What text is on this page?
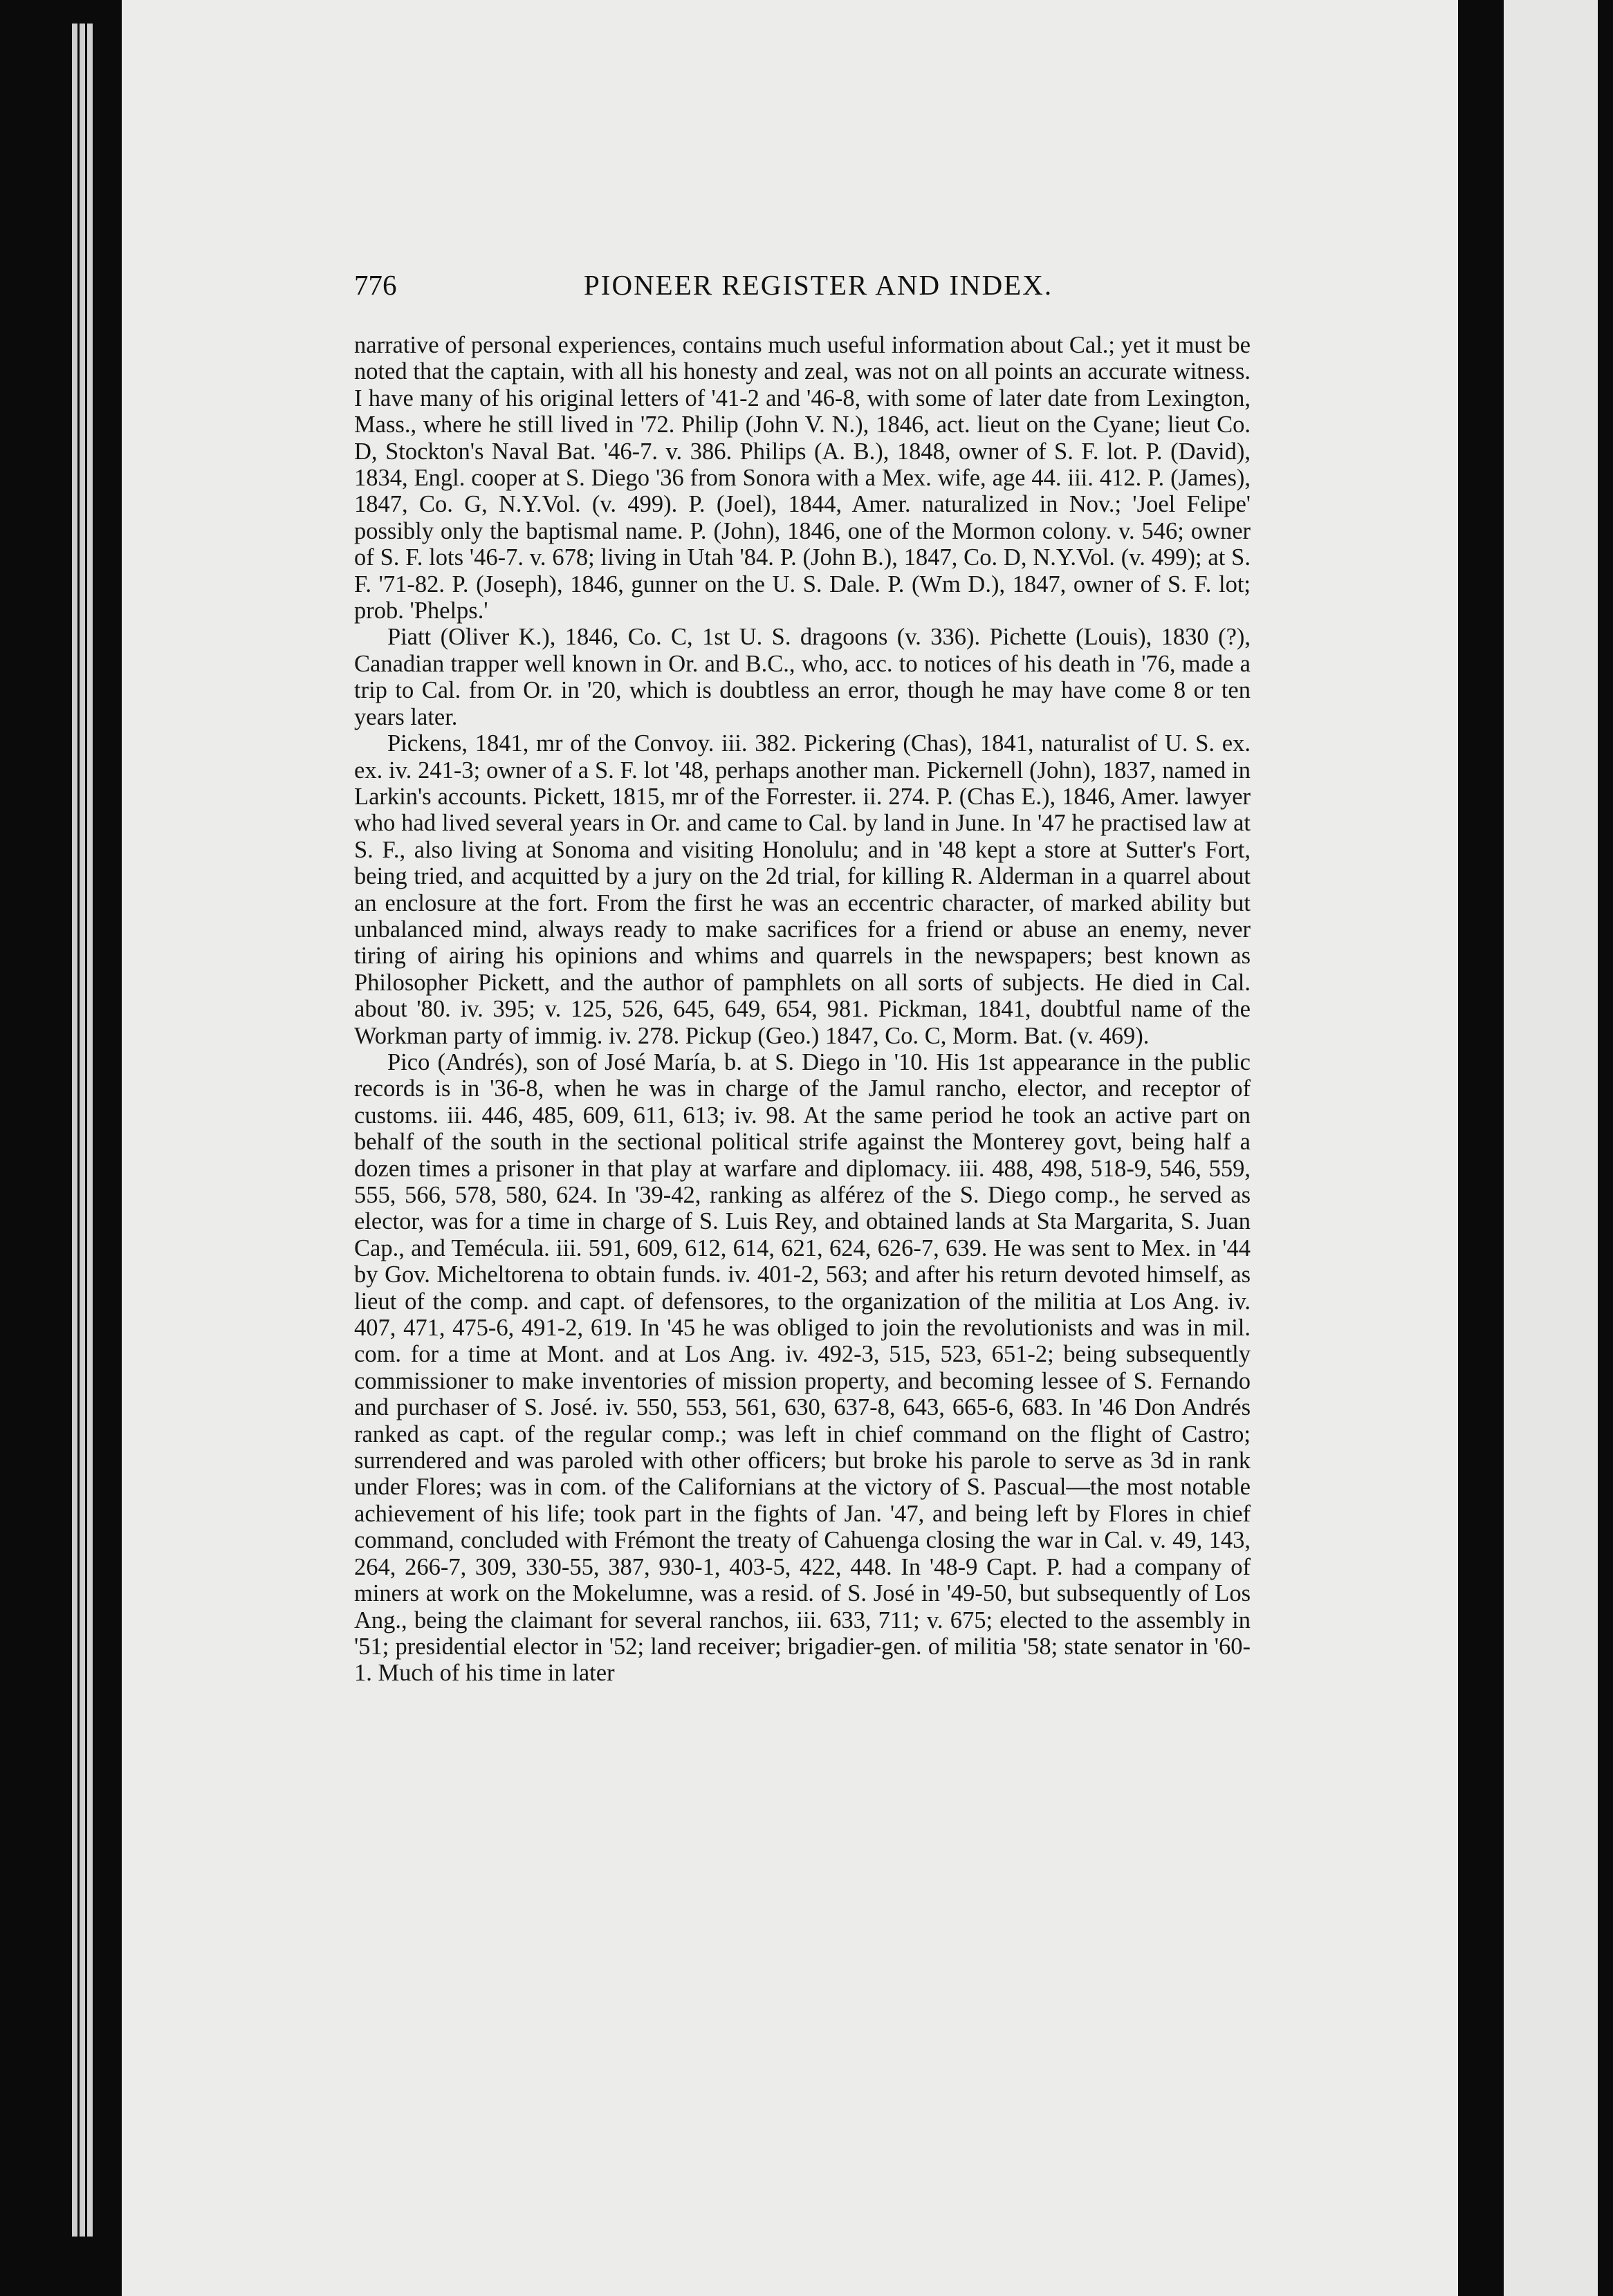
776	PIONEER REGISTER AND INDEX.

narrative of personal experiences, contains much useful information about Cal.; yet it must be noted that the captain, with all his honesty and zeal, was not on all points an accurate witness. I have many of his original letters of '41-2 and '46-8, with some of later date from Lexington, Mass., where he still lived in '72. Philip (John V. N.), 1846, act. lieut on the Cyane; lieut Co. D, Stockton's Naval Bat. '46-7. v. 386. Philips (A. B.), 1848, owner of S. F. lot. P. (David), 1834, Engl. cooper at S. Diego '36 from Sonora with a Mex. wife, age 44. iii. 412. P. (James), 1847, Co. G, N.Y.Vol. (v. 499). P. (Joel), 1844, Amer. naturalized in Nov.; 'Joel Felipe' possibly only the baptismal name. P. (John), 1846, one of the Mormon colony. v. 546; owner of S. F. lots '46-7. v. 678; living in Utah '84. P. (John B.), 1847, Co. D, N.Y.Vol. (v. 499); at S. F. '71-82. P. (Joseph), 1846, gunner on the U. S. Dale. P. (Wm D.), 1847, owner of S. F. lot; prob. 'Phelps.'

Piatt (Oliver K.), 1846, Co. C, 1st U. S. dragoons (v. 336). Pichette (Louis), 1830 (?), Canadian trapper well known in Or. and B.C., who, acc. to notices of his death in '76, made a trip to Cal. from Or. in '20, which is doubtless an error, though he may have come 8 or ten years later.

Pickens, 1841, mr of the Convoy. iii. 382. Pickering (Chas), 1841, naturalist of U. S. ex. ex. iv. 241-3; owner of a S. F. lot '48, perhaps another man. Pickernell (John), 1837, named in Larkin's accounts. Pickett, 1815, mr of the Forrester. ii. 274. P. (Chas E.), 1846, Amer. lawyer who had lived several years in Or. and came to Cal. by land in June. In '47 he practised law at S. F., also living at Sonoma and visiting Honolulu; and in '48 kept a store at Sutter's Fort, being tried, and acquitted by a jury on the 2d trial, for killing R. Alderman in a quarrel about an enclosure at the fort. From the first he was an eccentric character, of marked ability but unbalanced mind, always ready to make sacrifices for a friend or abuse an enemy, never tiring of airing his opinions and whims and quarrels in the newspapers; best known as Philosopher Pickett, and the author of pamphlets on all sorts of subjects. He died in Cal. about '80. iv. 395; v. 125, 526, 645, 649, 654, 981. Pickman, 1841, doubtful name of the Workman party of immig. iv. 278. Pickup (Geo.) 1847, Co. C, Morm. Bat. (v. 469).

Pico (Andrés), son of José María, b. at S. Diego in '10. His 1st appearance in the public records is in '36-8, when he was in charge of the Jamul rancho, elector, and receptor of customs. iii. 446, 485, 609, 611, 613; iv. 98. At the same period he took an active part on behalf of the south in the sectional political strife against the Monterey govt, being half a dozen times a prisoner in that play at warfare and diplomacy. iii. 488, 498, 518-9, 546, 559, 555, 566, 578, 580, 624. In '39-42, ranking as alférez of the S. Diego comp., he served as elector, was for a time in charge of S. Luis Rey, and obtained lands at Sta Margarita, S. Juan Cap., and Temécula. iii. 591, 609, 612, 614, 621, 624, 626-7, 639. He was sent to Mex. in '44 by Gov. Micheltorena to obtain funds. iv. 401-2, 563; and after his return devoted himself, as lieut of the comp. and capt. of defensores, to the organization of the militia at Los Ang. iv. 407, 471, 475-6, 491-2, 619. In '45 he was obliged to join the revolutionists and was in mil. com. for a time at Mont. and at Los Ang. iv. 492-3, 515, 523, 651-2; being subsequently commissioner to make inventories of mission property, and becoming lessee of S. Fernando and purchaser of S. José. iv. 550, 553, 561, 630, 637-8, 643, 665-6, 683. In '46 Don Andrés ranked as capt. of the regular comp.; was left in chief command on the flight of Castro; surrendered and was paroled with other officers; but broke his parole to serve as 3d in rank under Flores; was in com. of the Californians at the victory of S. Pascual—the most notable achievement of his life; took part in the fights of Jan. '47, and being left by Flores in chief command, concluded with Frémont the treaty of Cahuenga closing the war in Cal. v. 49, 143, 264, 266-7, 309, 330-55, 387, 930-1, 403-5, 422, 448. In '48-9 Capt. P. had a company of miners at work on the Mokelumne, was a resid. of S. José in '49-50, but subsequently of Los Ang., being the claimant for several ranchos, iii. 633, 711; v. 675; elected to the assembly in '51; presidential elector in '52; land receiver; brigadier-gen. of militia '58; state senator in '60-1. Much of his time in later
